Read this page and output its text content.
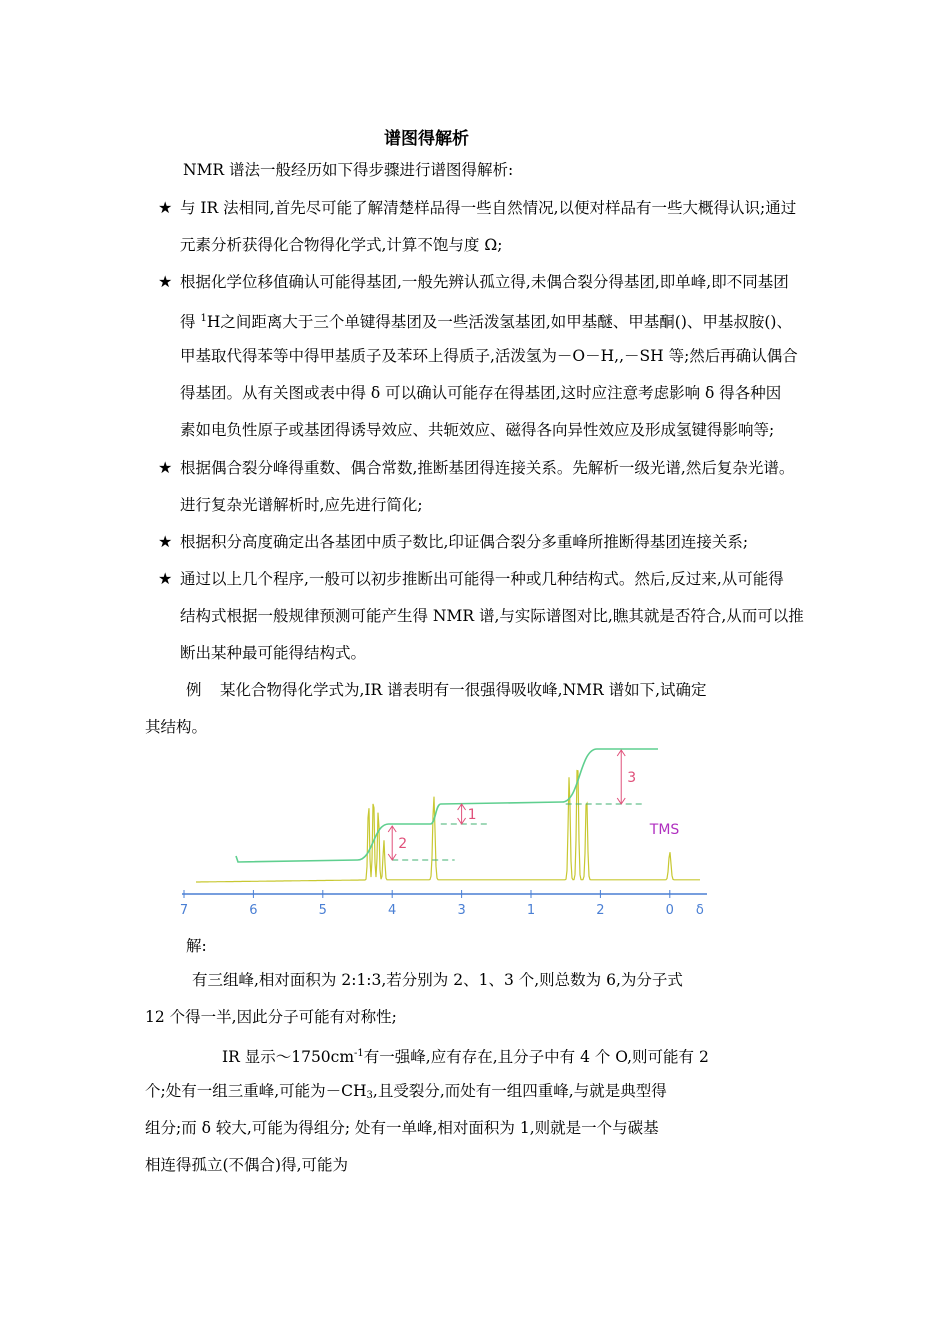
谱图得解析
NMR 谱法一般经历如下得步骤进行谱图得解析:
★ 与 IR 法相同,首先尽可能了解清楚样品得一些自然情况,以便对样品有一些大概得认识;通过
元素分析获得化合物得化学式,计算不饱与度 Ω;
★ 根据化学位移值确认可能得基团,一般先辨认孤立得,未偶合裂分得基团,即单峰,即不同基团
得 $^1$H之间距离大于三个单键得基团及一些活泼氢基团,如甲基醚、甲基酮()、甲基叔胺()、
甲基取代得苯等中得甲基质子及苯环上得质子,活泼氢为－O－H,,－SH 等;然后再确认偶合
得基团。从有关图或表中得 δ 可以确认可能存在得基团,这时应注意考虑影响 δ 得各种因
素如电负性原子或基团得诱导效应、共轭效应、磁得各向异性效应及形成氢键得影响等;
★ 根据偶合裂分峰得重数、偶合常数,推断基团得连接关系。先解析一级光谱,然后复杂光谱。
进行复杂光谱解析时,应先进行简化;
★ 根据积分高度确定出各基团中质子数比,印证偶合裂分多重峰所推断得基团连接关系;
★ 通过以上几个程序,一般可以初步推断出可能得一种或几种结构式。然后,反过来,从可能得
结构式根据一般规律预测可能产生得 NMR 谱,与实际谱图对比,瞧其就是否符合,从而可以推
断出某种最可能得结构式。
例 某化合物得化学式为,IR 谱表明有一很强得吸收峰,NMR 谱如下,试确定
其结构。
7	6	5	4	3	1	2	0 δ
2
1
3
TMS
解:
有三组峰,相对面积为 2:1:3,若分别为 2、1、3 个,则总数为 6,为分子式
12 个得一半,因此分子可能有对称性;
IR 显示$\sim 1750cm^{-1}$有一强峰,应有存在,且分子中有 4 个 O,则可能有 2
个;处有一组三重峰,可能为$-CH_3$,且受裂分,而处有一组四重峰,与就是典型得
组分;而 δ 较大,可能为得组分; 处有一单峰,相对面积为 1,则就是一个与碳基
相连得孤立(不偶合)得,可能为
